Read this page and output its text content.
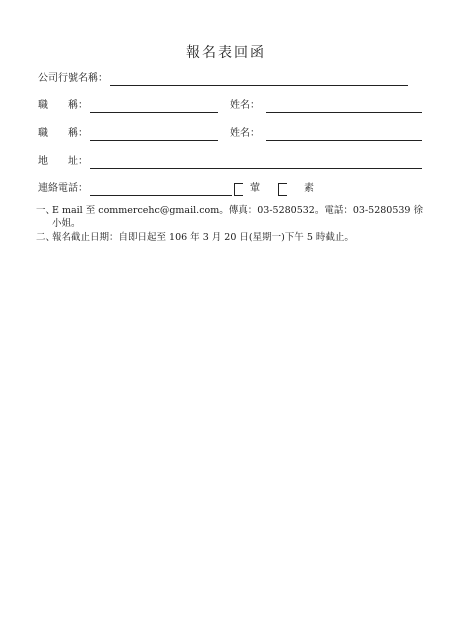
報名表回函
公司行號名稱：
職　　稱：	姓名：
職　　稱：	姓名：
地　　址：
連絡電話：	葷	素
一、
E mail 至 commercehc@gmail.com。傳真：03-5280532。電話：03-5280539 徐小姐。
二、
報名截止日期：自即日起至 106 年 3 月 20 日(星期一)下午 5 時截止。
